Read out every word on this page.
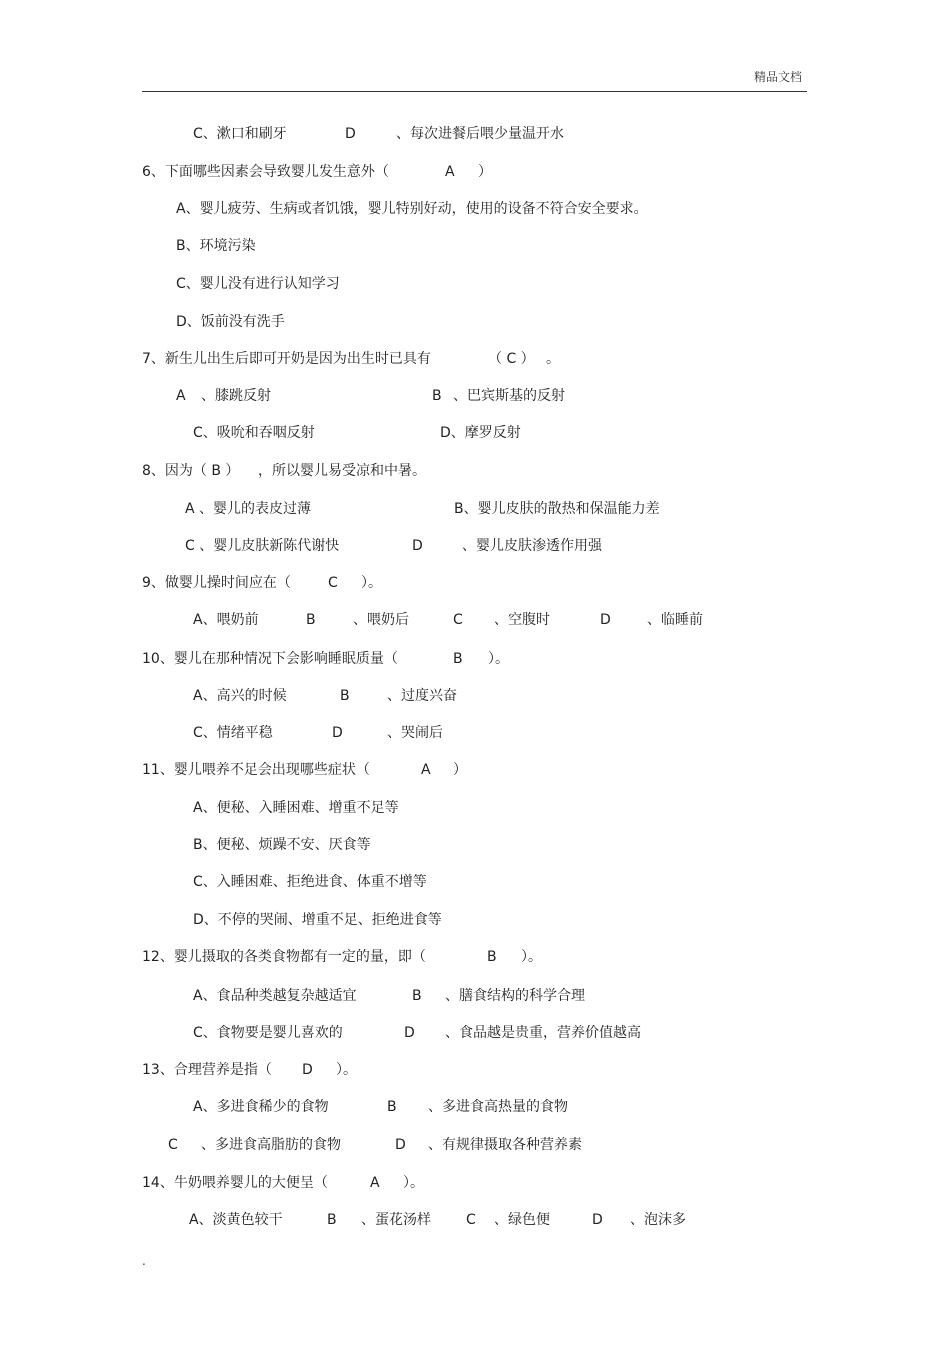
精品文档
C、漱口和刷牙	D	、每次进餐后喂少量温开水
6、下面哪些因素会导致婴儿发生意外（	A ）
A、婴儿疲劳、生病或者饥饿，婴儿特别好动，使用的设备不符合安全要求。
B、环境污染
C、婴儿没有进行认知学习
D、饭前没有洗手
7、新生儿出生后即可开奶是因为出生时已具有	（ C ） 。
A 、膝跳反射	B 、巴宾斯基的反射
C、吸吮和吞咽反射	D、摩罗反射
8、因为（ B ） ，所以婴儿易受凉和中暑。
A 、婴儿的表皮过薄	B、婴儿皮肤的散热和保温能力差
C 、婴儿皮肤新陈代谢快	D	、婴儿皮肤渗透作用强
9、做婴儿操时间应在（	C ）。
A、喂奶前	B	、喂奶后	C 、空腹时	D	、临睡前
10、婴儿在那种情况下会影响睡眠质量（	B ）。
A、高兴的时候	B	、过度兴奋
C、情绪平稳	D	、哭闹后
11、婴儿喂养不足会出现哪些症状（	A ）
A、便秘、入睡困难、增重不足等
B、便秘、烦躁不安、厌食等
C、入睡困难、拒绝进食、体重不增等
D、不停的哭闹、增重不足、拒绝进食等
12、婴儿摄取的各类食物都有一定的量，即（	B ）。
A、食品种类越复杂越适宜	B 、膳食结构的科学合理
C、食物要是婴儿喜欢的	D 、食品越是贵重，营养价值越高
13、合理营养是指（ D ）。
A、多进食稀少的食物	B 、多进食高热量的食物
C 、多进食高脂肪的食物	D 、有规律摄取各种营养素
14、牛奶喂养婴儿的大便呈（	A ）。
A、淡黄色较干	B 、蛋花汤样	C 、绿色便	D 、泡沫多
.
